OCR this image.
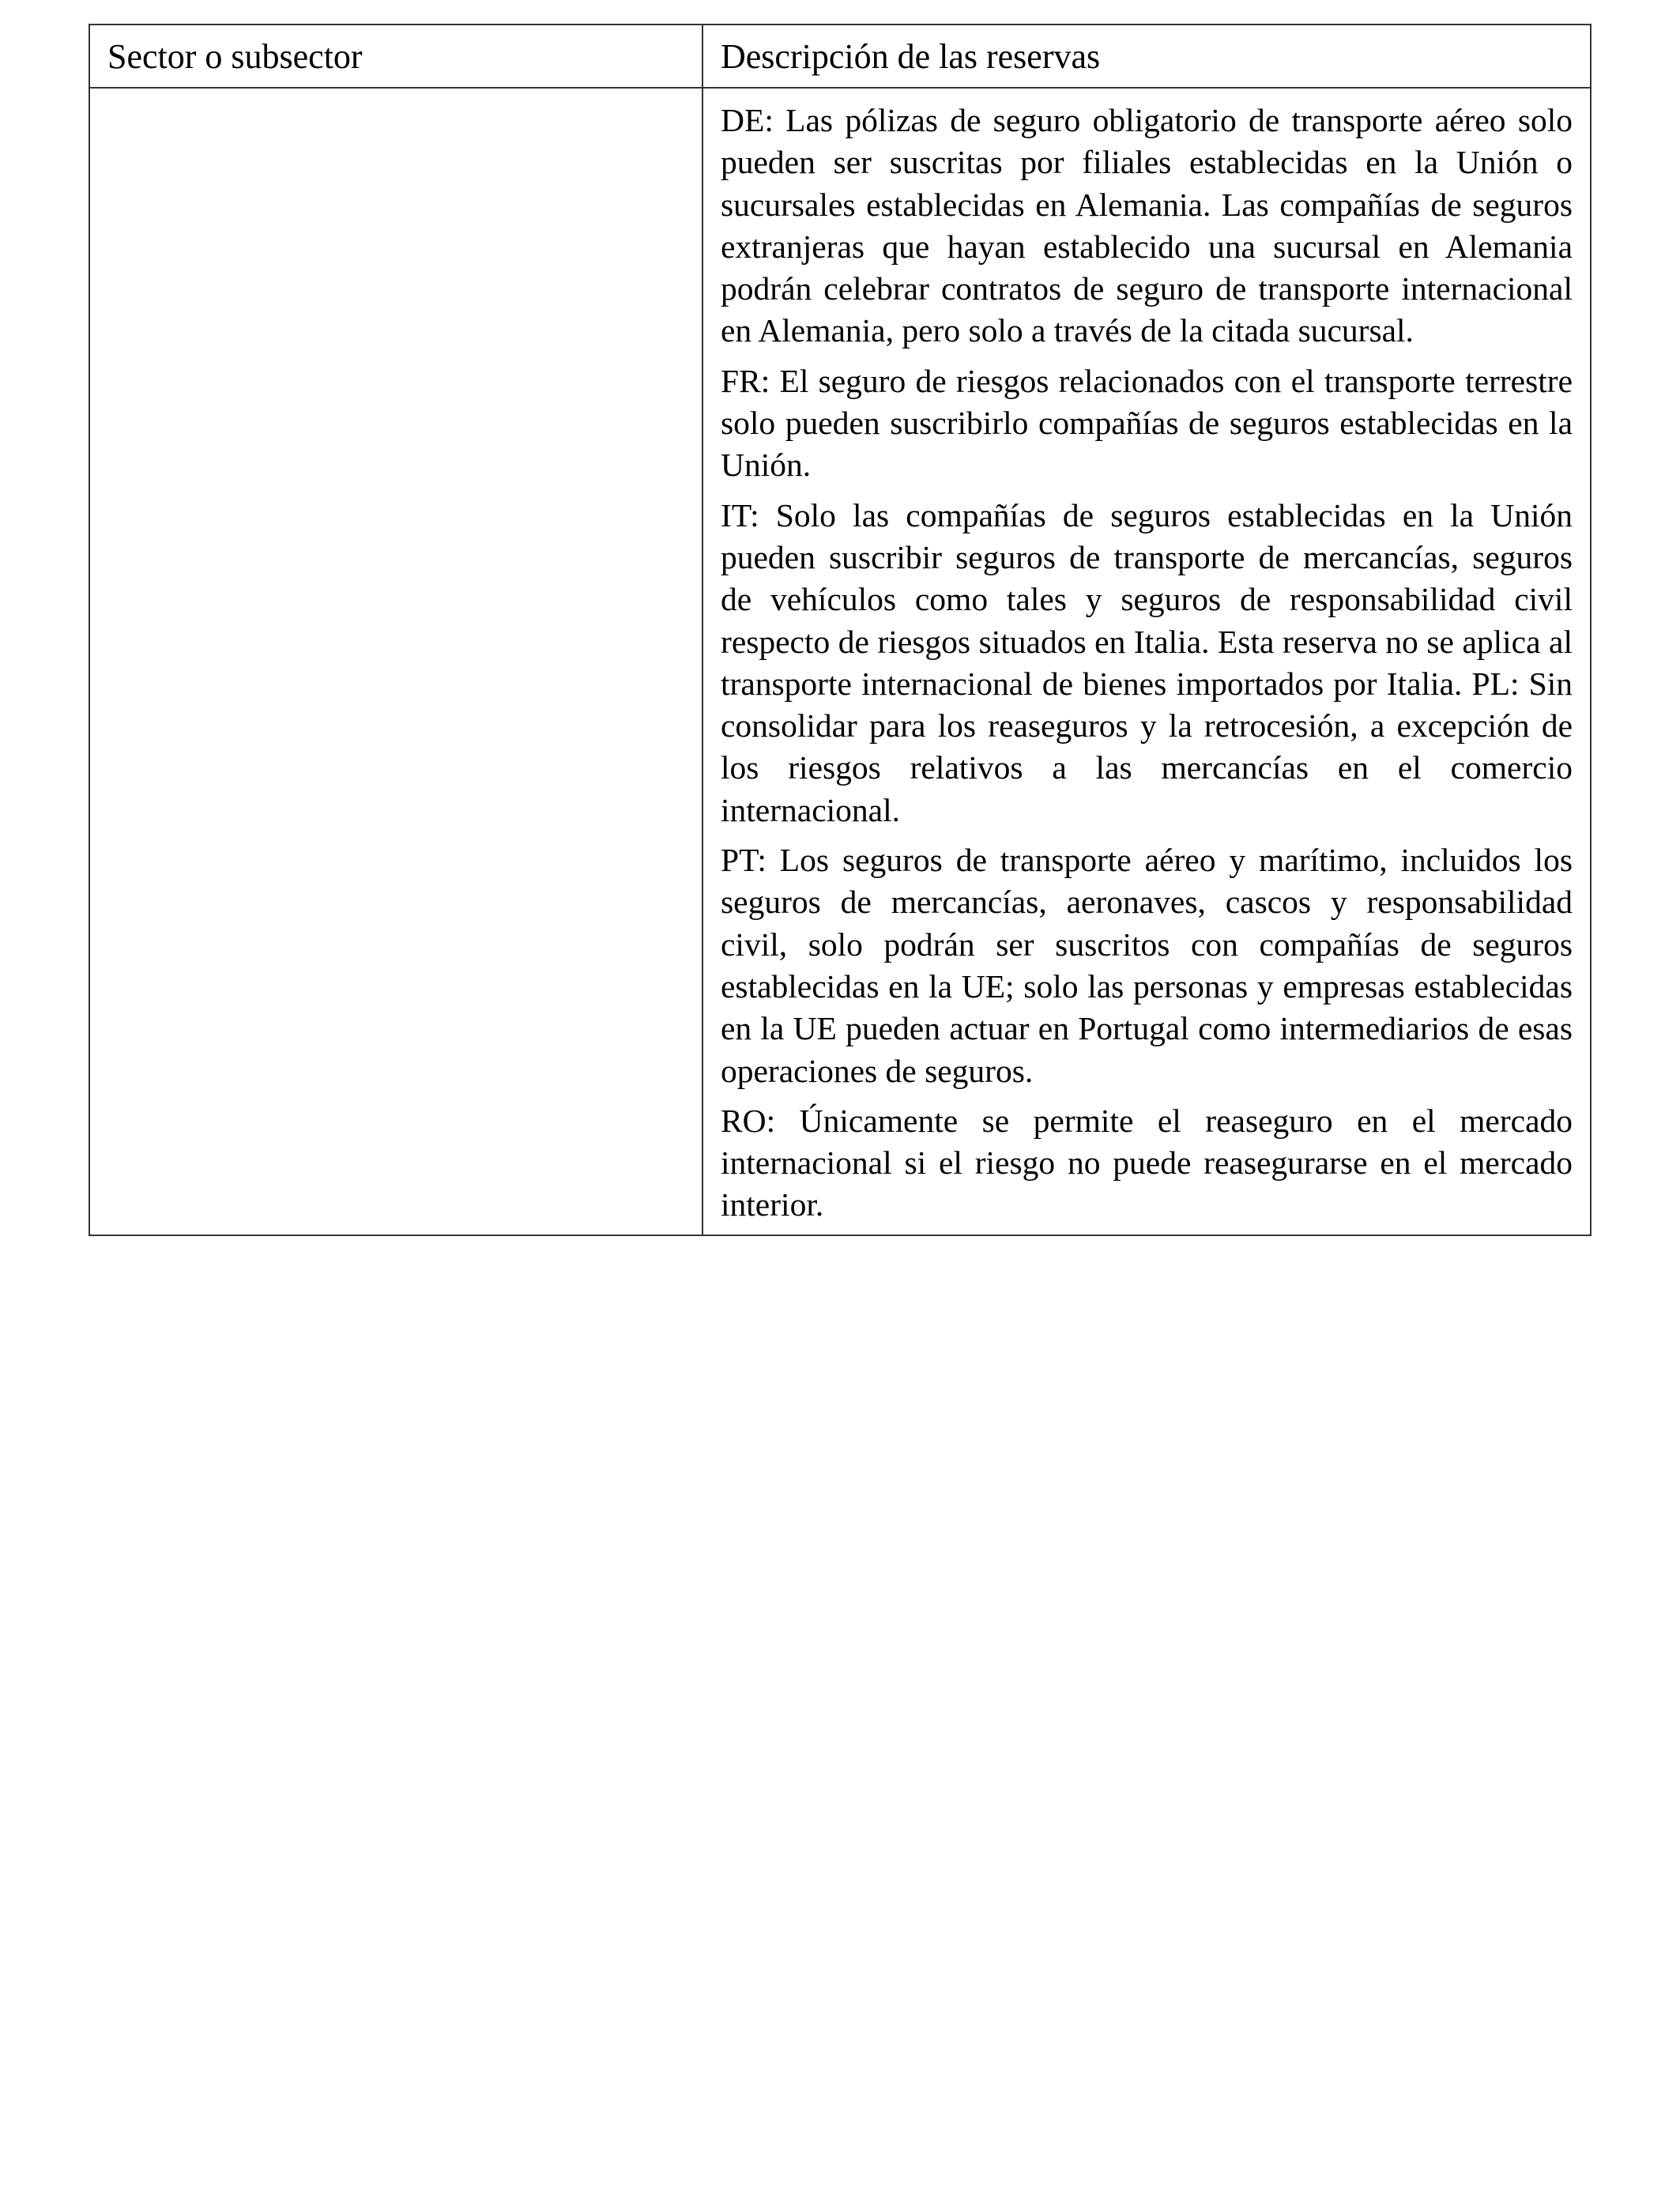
Sector o subsector	Descripción de las reservas

	DE: Las pólizas de seguro obligatorio de transporte aéreo solo pueden ser suscritas por filiales establecidas en la Unión o sucursales establecidas en Alemania. Las compañías de seguros extranjeras que hayan establecido una sucursal en Alemania podrán celebrar contratos de seguro de transporte internacional en Alemania, pero solo a través de la citada sucursal.

FR: El seguro de riesgos relacionados con el transporte terrestre solo pueden suscribirlo compañías de seguros establecidas en la Unión.

IT: Solo las compañías de seguros establecidas en la Unión pueden suscribir seguros de transporte de mercancías, seguros de vehículos como tales y seguros de responsabilidad civil respecto de riesgos situados en Italia. Esta reserva no se aplica al transporte internacional de bienes importados por Italia. PL: Sin consolidar para los reaseguros y la retrocesión, a excepción de los riesgos relativos a las mercancías en el comercio internacional.

PT: Los seguros de transporte aéreo y marítimo, incluidos los seguros de mercancías, aeronaves, cascos y responsabilidad civil, solo podrán ser suscritos con compañías de seguros establecidas en la UE; solo las personas y empresas establecidas en la UE pueden actuar en Portugal como intermediarios de esas operaciones de seguros.

RO: Únicamente se permite el reaseguro en el mercado internacional si el riesgo no puede reasegurarse en el mercado interior.
